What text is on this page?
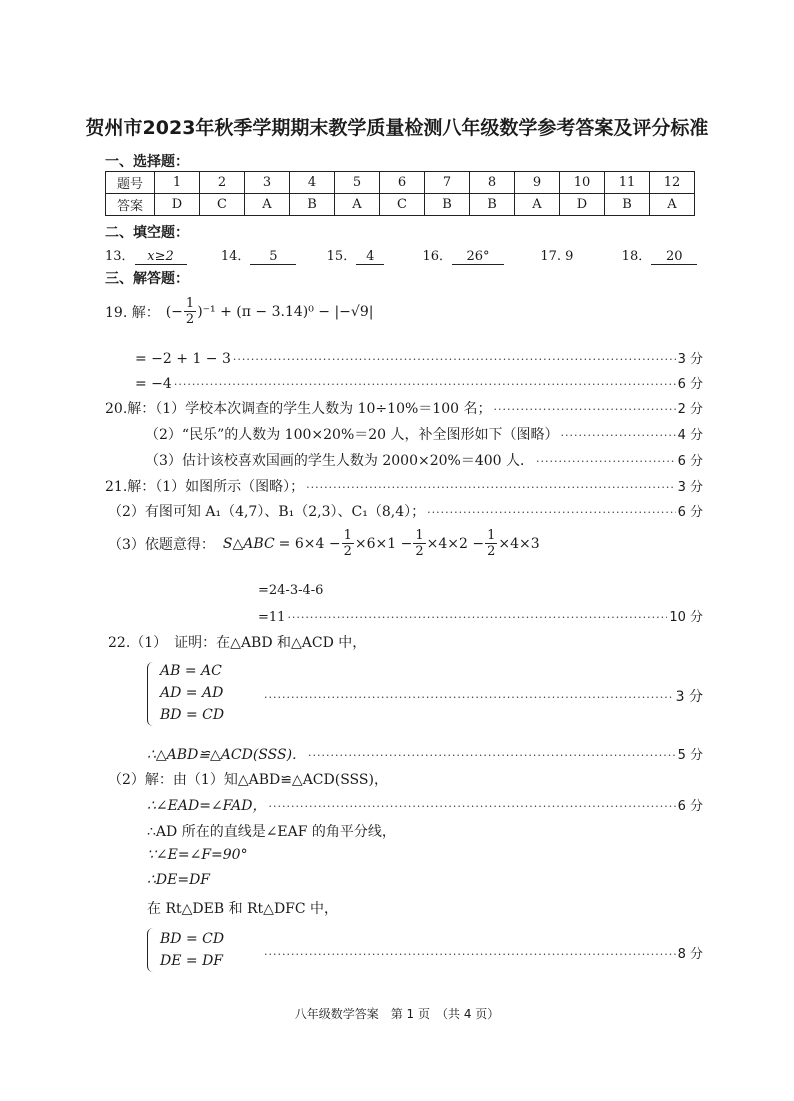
贺州市2023年秋季学期期末教学质量检测八年级数学参考答案及评分标准
一、选择题：
题号	1	2	3	4	5	6	7	8	9	10	11	12
答案	D	C	A	B	A	C	B	B	A	D	B	A
二、填空题：
13． x≥2	14． 5	15． 4	16． 26°	17. 9	18． 20
三、解答题：
19. 解： (− $\frac{1}{2} )^{-1} + (\pi - 3.14)^0 - |-√9|$
= −2 + 1 − 3 ·····	3 分
= −4 ·····	6 分
20.解：（1）学校本次调查的学生人数为 10÷10%＝100 名； ·····	2 分
（2）“民乐”的人数为 100×20%＝20 人，补全图形如下（图略） ·····	4 分
（3）估计该校喜欢国画的学生人数为 2000×20%＝400 人． ·····	6 分
21.解：（1）如图所示（图略）； ·····	3 分
（2）有图可知 A₁（4,7）、B₁（2,3）、C₁（8,4）； ·····	6 分
（3）依题意得： S△ABC = $6\times 4 - \frac{1}{2} \times 6\times 1 - \frac{1}{2} \times 4\times 2 - \frac{1}{2} \times 4\times 3$
=24-3-4-6
=11 ·····	10 分
22.（1）　证明：在△ABD 和△ACD 中，
AB = AC
AD = AD
BD = CD
·····
3 分
∴△ABD≌△ACD(SSS)． ·····	5 分
（2）解：由（1）知△ABD≌△ACD(SSS)，
∴∠EAD=∠FAD， ·····	6 分
∴AD 所在的直线是∠EAF 的角平分线，
∵∠E=∠F=90°
∴DE=DF
在 Rt△DEB 和 Rt△DFC 中，
BD = CD
DE = DF ·····	8 分
八年级数学答案　第 1 页　（共 4 页）
